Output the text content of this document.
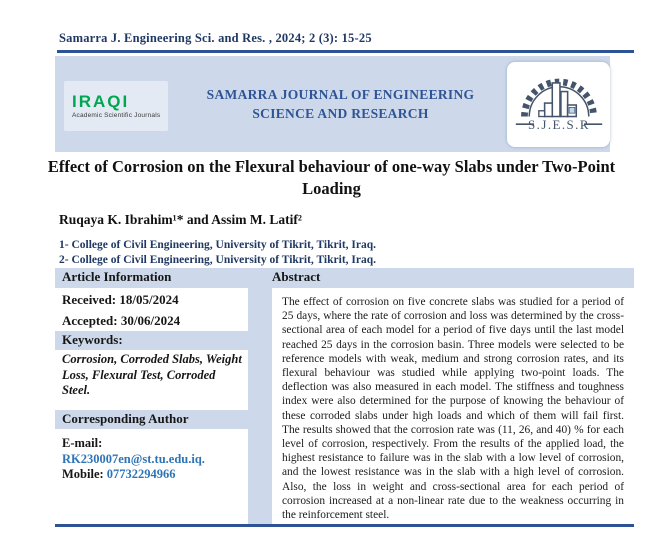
Samarra J. Engineering Sci. and Res. , 2024; 2 (3): 15-25
IRAQI
Academic Scientific Journals
SAMARRA JOURNAL OF ENGINEERING
SCIENCE AND RESEARCH
S.J.E.S.R
Effect of Corrosion on the Flexural behaviour of one-way Slabs under Two-Point Loading
Ruqaya K. Ibrahim¹* and Assim M. Latif²
1- College of Civil Engineering, University of Tikrit, Tikrit, Iraq.
2- College of Civil Engineering, University of Tikrit, Tikrit, Iraq.
Article Information	Abstract
Received: 18/05/2024
Accepted: 30/06/2024
Keywords:
Corrosion, Corroded Slabs, Weight Loss, Flexural Test, Corroded Steel.
Corresponding Author
E-mail:
RK230007en@st.tu.edu.iq.
Mobile: 07732294966
The effect of corrosion on five concrete slabs was studied for a period of 25 days, where the rate of corrosion and loss was determined by the cross-sectional area of each model for a period of five days until the last model reached 25 days in the corrosion basin. Three models were selected to be reference models with weak, medium and strong corrosion rates, and its flexural behaviour was studied while applying two-point loads. The deflection was also measured in each model. The stiffness and toughness index were also determined for the purpose of knowing the behaviour of these corroded slabs under high loads and which of them will fail first. The results showed that the corrosion rate was (11, 26, and 40) % for each level of corrosion, respectively. From the results of the applied load, the highest resistance to failure was in the slab with a low level of corrosion, and the lowest resistance was in the slab with a high level of corrosion. Also, the loss in weight and cross-sectional area for each period of corrosion increased at a non-linear rate due to the weakness occurring in the reinforcement steel.
